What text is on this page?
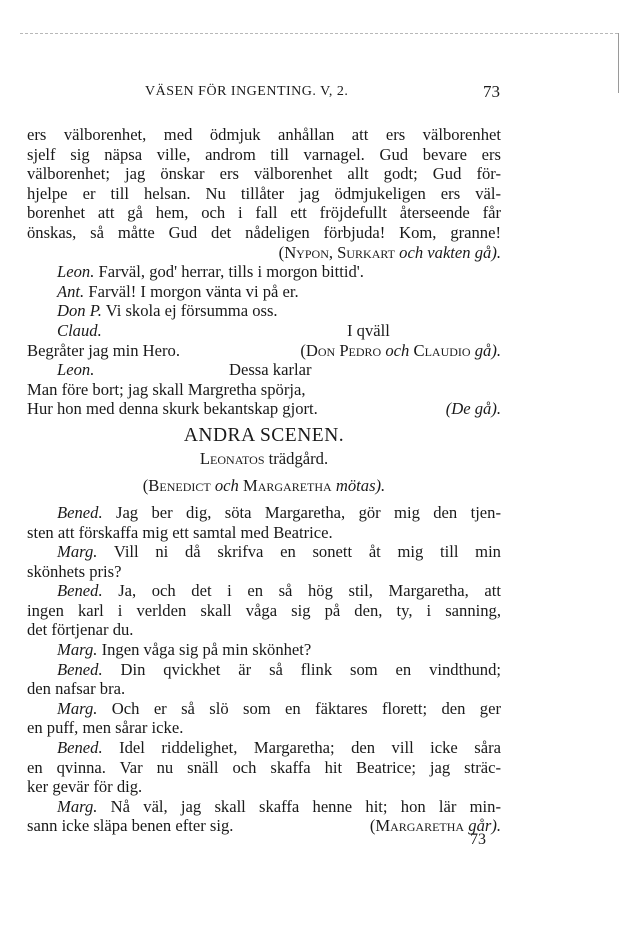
VÄSEN FÖR INGENTING. V, 2.	73
ers välborenhet, med ödmjuk anhållan att ers välborenhet
sjelf sig näpsa ville, androm till varnagel. Gud bevare ers
välborenhet; jag önskar ers välborenhet allt godt; Gud för-
hjelpe er till helsan. Nu tillåter jag ödmjukeligen ers väl-
borenhet att gå hem, och i fall ett fröjdefullt återseende får
önskas, så måtte Gud det nådeligen förbjuda! Kom, granne!
(Nypon, Surkart och vakten gå).
Leon. Farväl, god' herrar, tills i morgon bittid'.
Ant. Farväl! I morgon vänta vi på er.
Don P. Vi skola ej försumma oss.
Claud.	I qväll
Begråter jag min Hero.	(Don Pedro och Claudio gå).
Leon.	Dessa karlar
Man före bort; jag skall Margretha spörja,
Hur hon med denna skurk bekantskap gjort.	(De gå).
ANDRA SCENEN.
Leonatos trädgård.
(Benedict och Margaretha mötas).
Bened. Jag ber dig, söta Margaretha, gör mig den tjen-
sten att förskaffa mig ett samtal med Beatrice.
Marg. Vill ni då skrifva en sonett åt mig till min
skönhets pris?
Bened. Ja, och det i en så hög stil, Margaretha, att
ingen karl i verlden skall våga sig på den, ty, i sanning,
det förtjenar du.
Marg. Ingen våga sig på min skönhet?
Bened. Din qvickhet är så flink som en vindthund;
den nafsar bra.
Marg. Och er så slö som en fäktares florett; den ger
en puff, men sårar icke.
Bened. Idel riddelighet, Margaretha; den vill icke såra
en qvinna. Var nu snäll och skaffa hit Beatrice; jag sträc-
ker gevär för dig.
Marg. Nå väl, jag skall skaffa henne hit; hon lär min-
sann icke släpa benen efter sig.	(Margaretha går).
73
